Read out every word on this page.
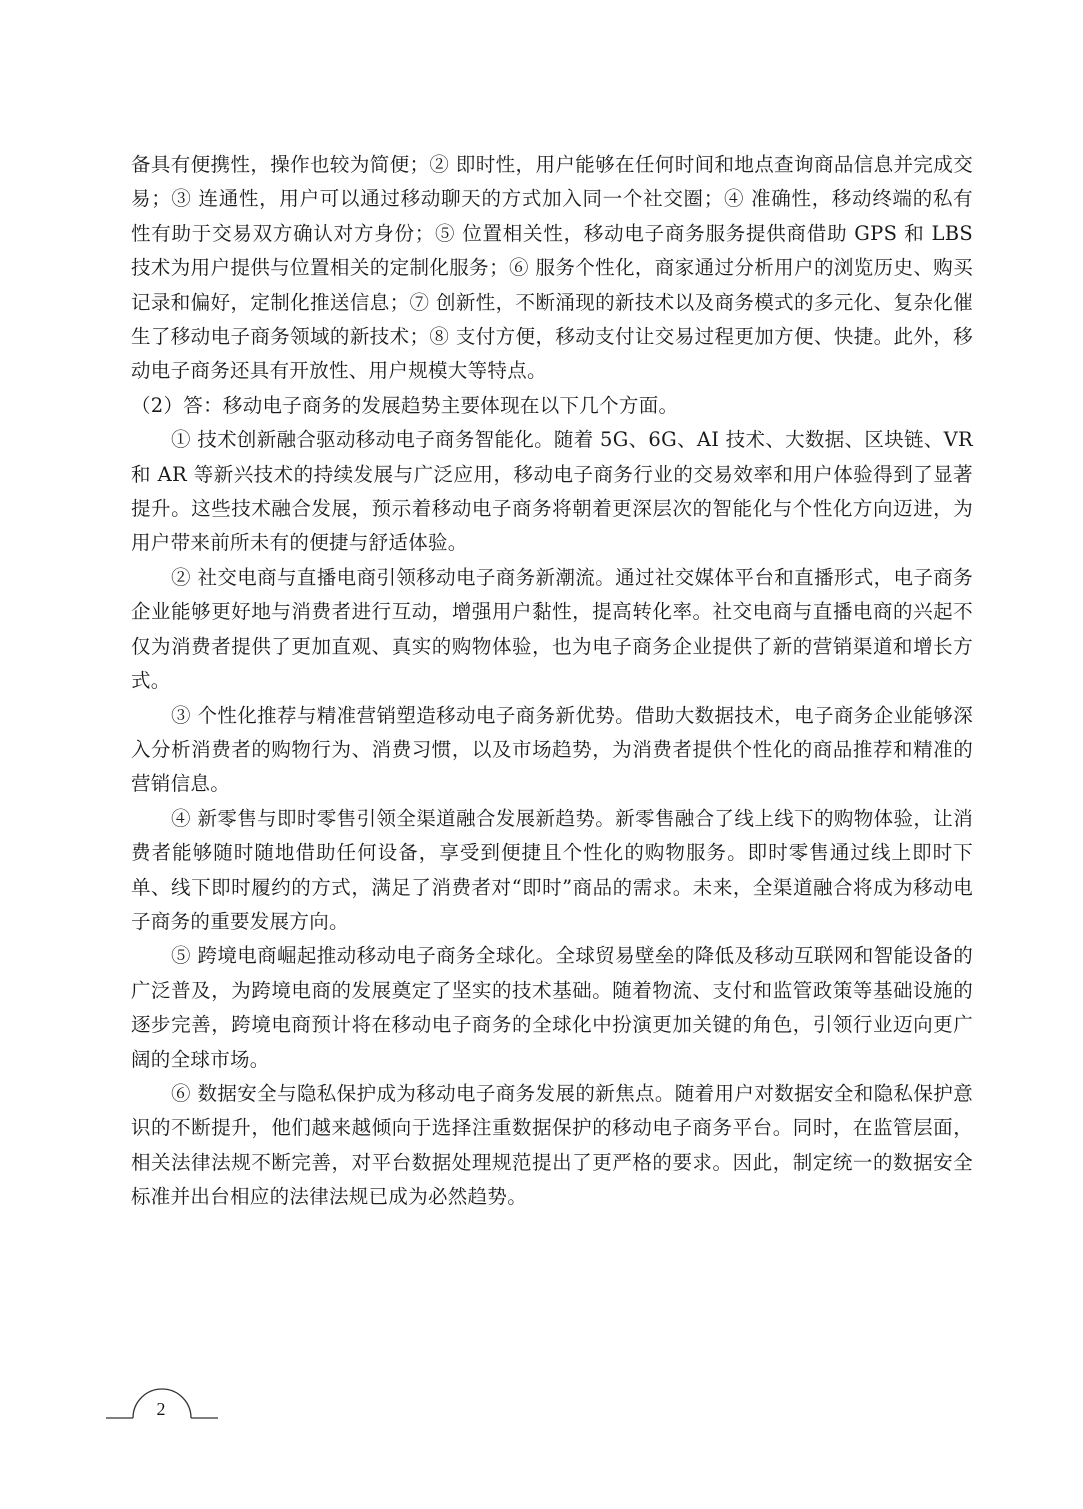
备具有便携性，操作也较为简便；② 即时性，用户能够在任何时间和地点查询商品信息并完成交易；③ 连通性，用户可以通过移动聊天的方式加入同一个社交圈；④ 准确性，移动终端的私有性有助于交易双方确认对方身份；⑤ 位置相关性，移动电子商务服务提供商借助 GPS 和 LBS 技术为用户提供与位置相关的定制化服务；⑥ 服务个性化，商家通过分析用户的浏览历史、购买记录和偏好，定制化推送信息；⑦ 创新性，不断涌现的新技术以及商务模式的多元化、复杂化催生了移动电子商务领域的新技术；⑧ 支付方便，移动支付让交易过程更加方便、快捷。此外，移动电子商务还具有开放性、用户规模大等特点。

（2）答：移动电子商务的发展趋势主要体现在以下几个方面。

① 技术创新融合驱动移动电子商务智能化。随着 5G、6G、AI 技术、大数据、区块链、VR 和 AR 等新兴技术的持续发展与广泛应用，移动电子商务行业的交易效率和用户体验得到了显著提升。这些技术融合发展，预示着移动电子商务将朝着更深层次的智能化与个性化方向迈进，为用户带来前所未有的便捷与舒适体验。

② 社交电商与直播电商引领移动电子商务新潮流。通过社交媒体平台和直播形式，电子商务企业能够更好地与消费者进行互动，增强用户黏性，提高转化率。社交电商与直播电商的兴起不仅为消费者提供了更加直观、真实的购物体验，也为电子商务企业提供了新的营销渠道和增长方式。

③ 个性化推荐与精准营销塑造移动电子商务新优势。借助大数据技术，电子商务企业能够深入分析消费者的购物行为、消费习惯，以及市场趋势，为消费者提供个性化的商品推荐和精准的营销信息。

④ 新零售与即时零售引领全渠道融合发展新趋势。新零售融合了线上线下的购物体验，让消费者能够随时随地借助任何设备，享受到便捷且个性化的购物服务。即时零售通过线上即时下单、线下即时履约的方式，满足了消费者对“即时”商品的需求。未来，全渠道融合将成为移动电子商务的重要发展方向。

⑤ 跨境电商崛起推动移动电子商务全球化。全球贸易壁垒的降低及移动互联网和智能设备的广泛普及，为跨境电商的发展奠定了坚实的技术基础。随着物流、支付和监管政策等基础设施的逐步完善，跨境电商预计将在移动电子商务的全球化中扮演更加关键的角色，引领行业迈向更广阔的全球市场。

⑥ 数据安全与隐私保护成为移动电子商务发展的新焦点。随着用户对数据安全和隐私保护意识的不断提升，他们越来越倾向于选择注重数据保护的移动电子商务平台。同时，在监管层面，相关法律法规不断完善，对平台数据处理规范提出了更严格的要求。因此，制定统一的数据安全标准并出台相应的法律法规已成为必然趋势。

2
